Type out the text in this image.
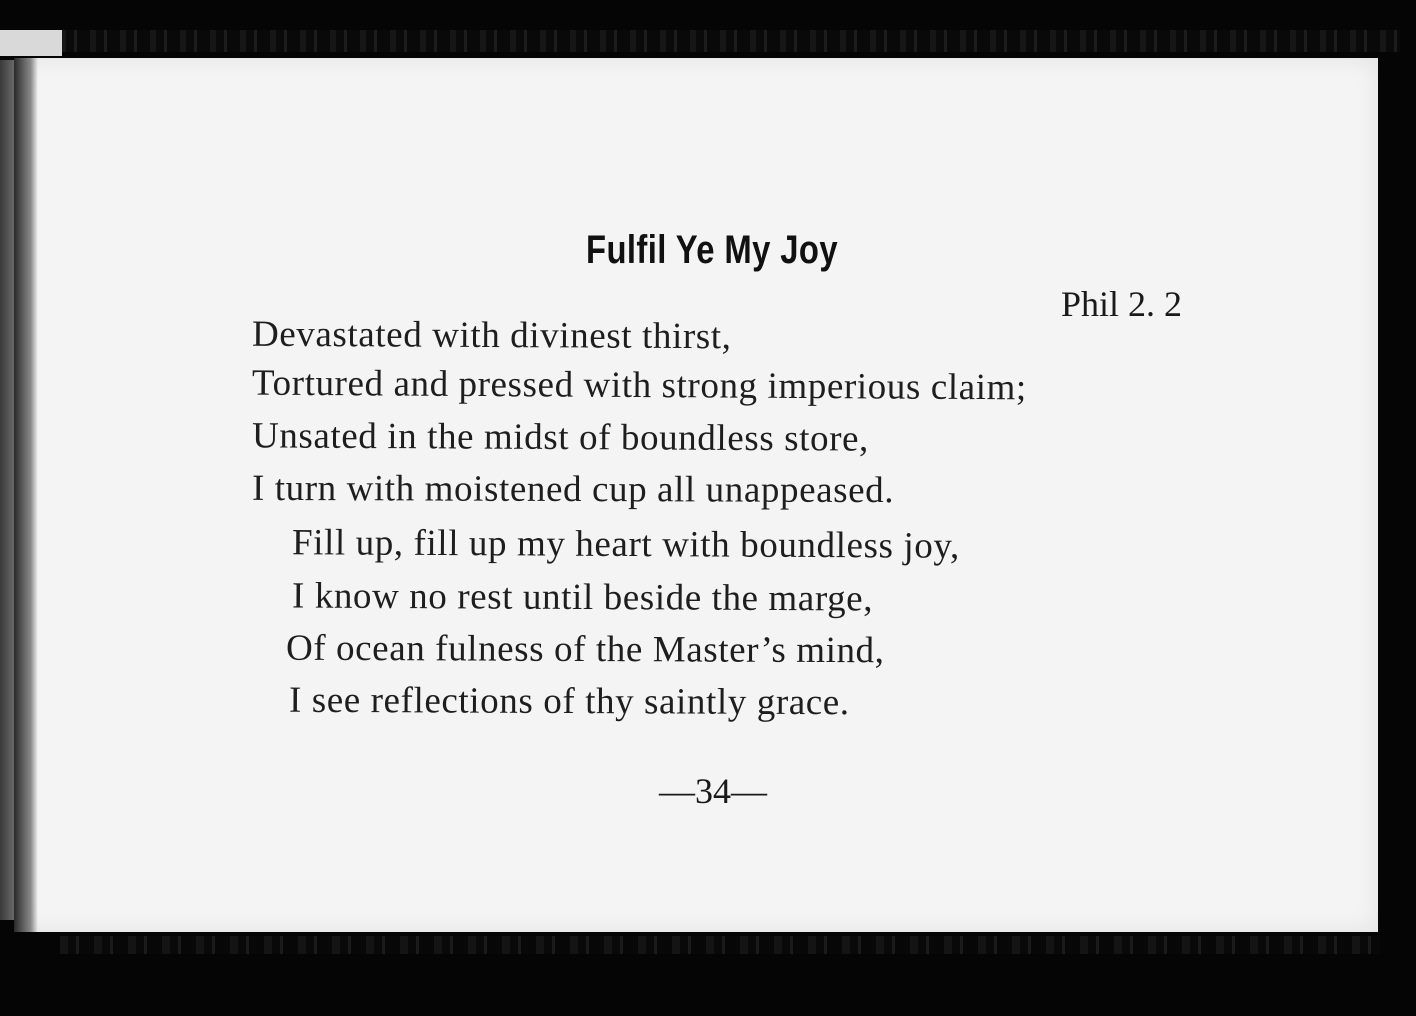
Fulfil Ye My Joy
Phil 2. 2
Devastated with divinest thirst,
Tortured and pressed with strong imperious claim;
Unsated in the midst of boundless store,
I turn with moistened cup all unappeased.
Fill up, fill up my heart with boundless joy,
I know no rest until beside the marge,
Of ocean fulness of the Master’s mind,
I see reflections of thy saintly grace.
—34—
